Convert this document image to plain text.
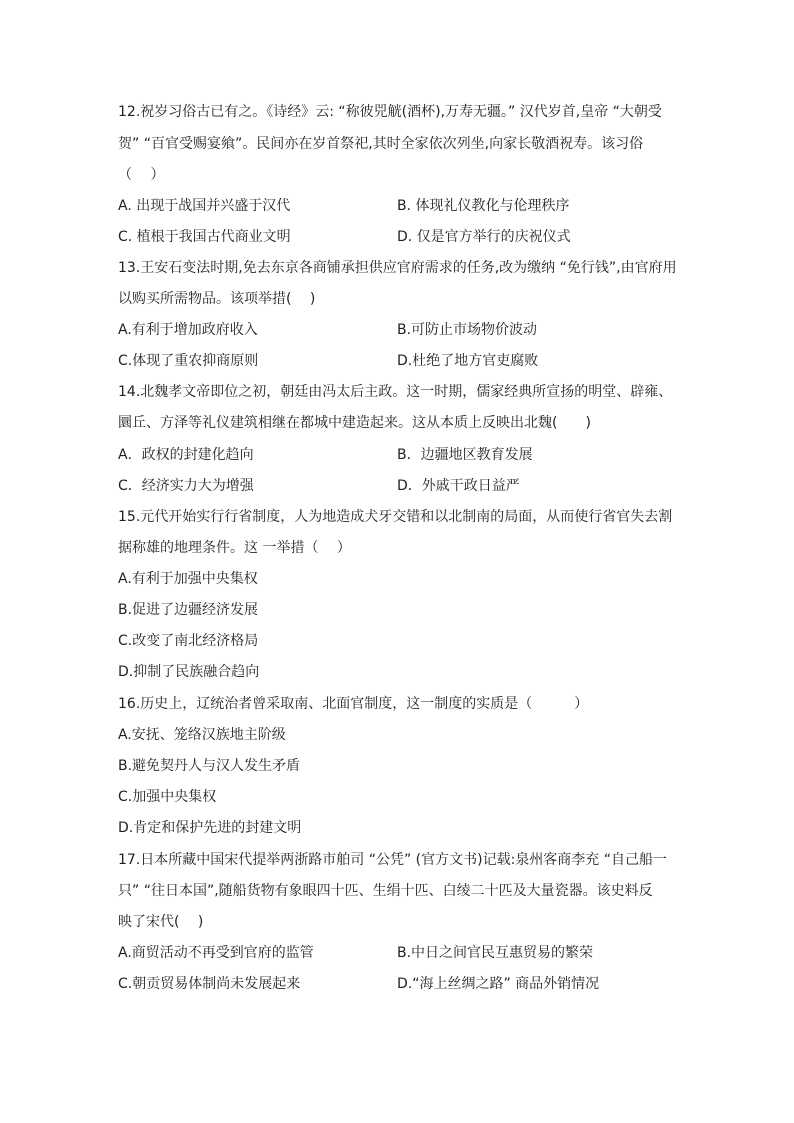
12.祝岁习俗古已有之。《诗经》云: “称彼兕觥(酒杯),万寿无疆。” 汉代岁首,皇帝 “大朝受
贺” “百官受赐宴飨”。民间亦在岁首祭祀,其时全家依次列坐,向家长敬酒祝寿。该习俗
（　 ）
A. 出现于战国并兴盛于汉代	B. 体现礼仪教化与伦理秩序
C. 植根于我国古代商业文明	D. 仅是官方举行的庆祝仪式
13.王安石变法时期,免去东京各商铺承担供应官府需求的任务,改为缴纳 “免行钱”,由官府用
以购买所需物品。该项举措(　 )
A.有利于增加政府收入	B.可防止市场物价波动
C.体现了重农抑商原则	D.杜绝了地方官吏腐败
14.北魏孝文帝即位之初，朝廷由冯太后主政。这一时期，儒家经典所宣扬的明堂、辟雍、
圜丘、方泽等礼仪建筑相继在都城中建造起来。这从本质上反映出北魏(　　)
A．政权的封建化趋向	B．边疆地区教育发展
C．经济实力大为增强	D．外戚干政日益严
15.元代开始实行行省制度，人为地造成犬牙交错和以北制南的局面，从而使行省官失去割
据称雄的地理条件。这 一举措（　 ）
A.有利于加强中央集权
B.促进了边疆经济发展
C.改变了南北经济格局
D.抑制了民族融合趋向
16.历史上，辽统治者曾采取南、北面官制度，这一制度的实质是（　　　）
A.安抚、笼络汉族地主阶级
B.避免契丹人与汉人发生矛盾
C.加强中央集权
D.肯定和保护先进的封建文明
17.日本所藏中国宋代提举两浙路市舶司 “公凭” (官方文书)记载:泉州客商李充 “自己船一
只” “往日本国”,随船货物有象眼四十匹、生绢十匹、白绫二十匹及大量瓷器。该史料反
映了宋代(　 )
A.商贸活动不再受到官府的监管	B.中日之间官民互惠贸易的繁荣
C.朝贡贸易体制尚未发展起来	D.“海上丝绸之路” 商品外销情况
